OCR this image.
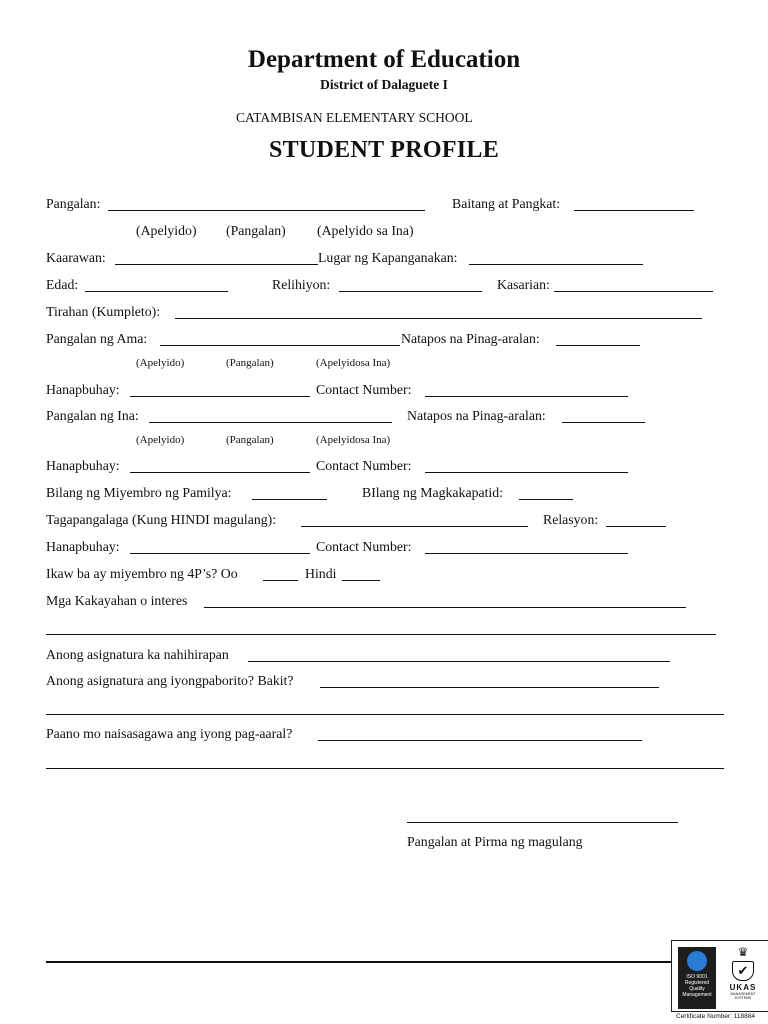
Department of Education
District of Dalaguete I
CATAMBISAN ELEMENTARY SCHOOL
STUDENT PROFILE
Pangalan:	Baitang at Pangkat:
(Apelyido) (Pangalan) (Apelyido sa Ina)
Kaarawan:	Lugar ng Kapanganakan:
Edad:	Relihiyon:	Kasarian:
Tirahan (Kumpleto):
Pangalan ng Ama:	Natapos na Pinag-aralan:
(Apelyido)	(Pangalan)	(Apelyidosa Ina)
Hanapbuhay:	Contact Number:
Pangalan ng Ina:	Natapos na Pinag-aralan:
(Apelyido)	(Pangalan)	(Apelyidosa Ina)
Hanapbuhay:	Contact Number:
Bilang ng Miyembro ng Pamilya:	BIlang ng Magkakapatid:
Tagapangalaga (Kung HINDI magulang):	Relasyon:
Hanapbuhay:	Contact Number:
Ikaw ba ay miyembro ng 4P’s? Oo	Hindi
Mga Kakayahan o interes
Anong asignatura ka nahihirapan
Anong asignatura ang iyongpaborito? Bakit?
Paano mo naisasagawa ang iyong pag-aaral?
Pangalan at Pirma ng magulang
ISO 9001
Registered
Quality
Management
♛
✔
UKAS
MANAGEMENT SYSTEMS
Certificate Number: 118884
